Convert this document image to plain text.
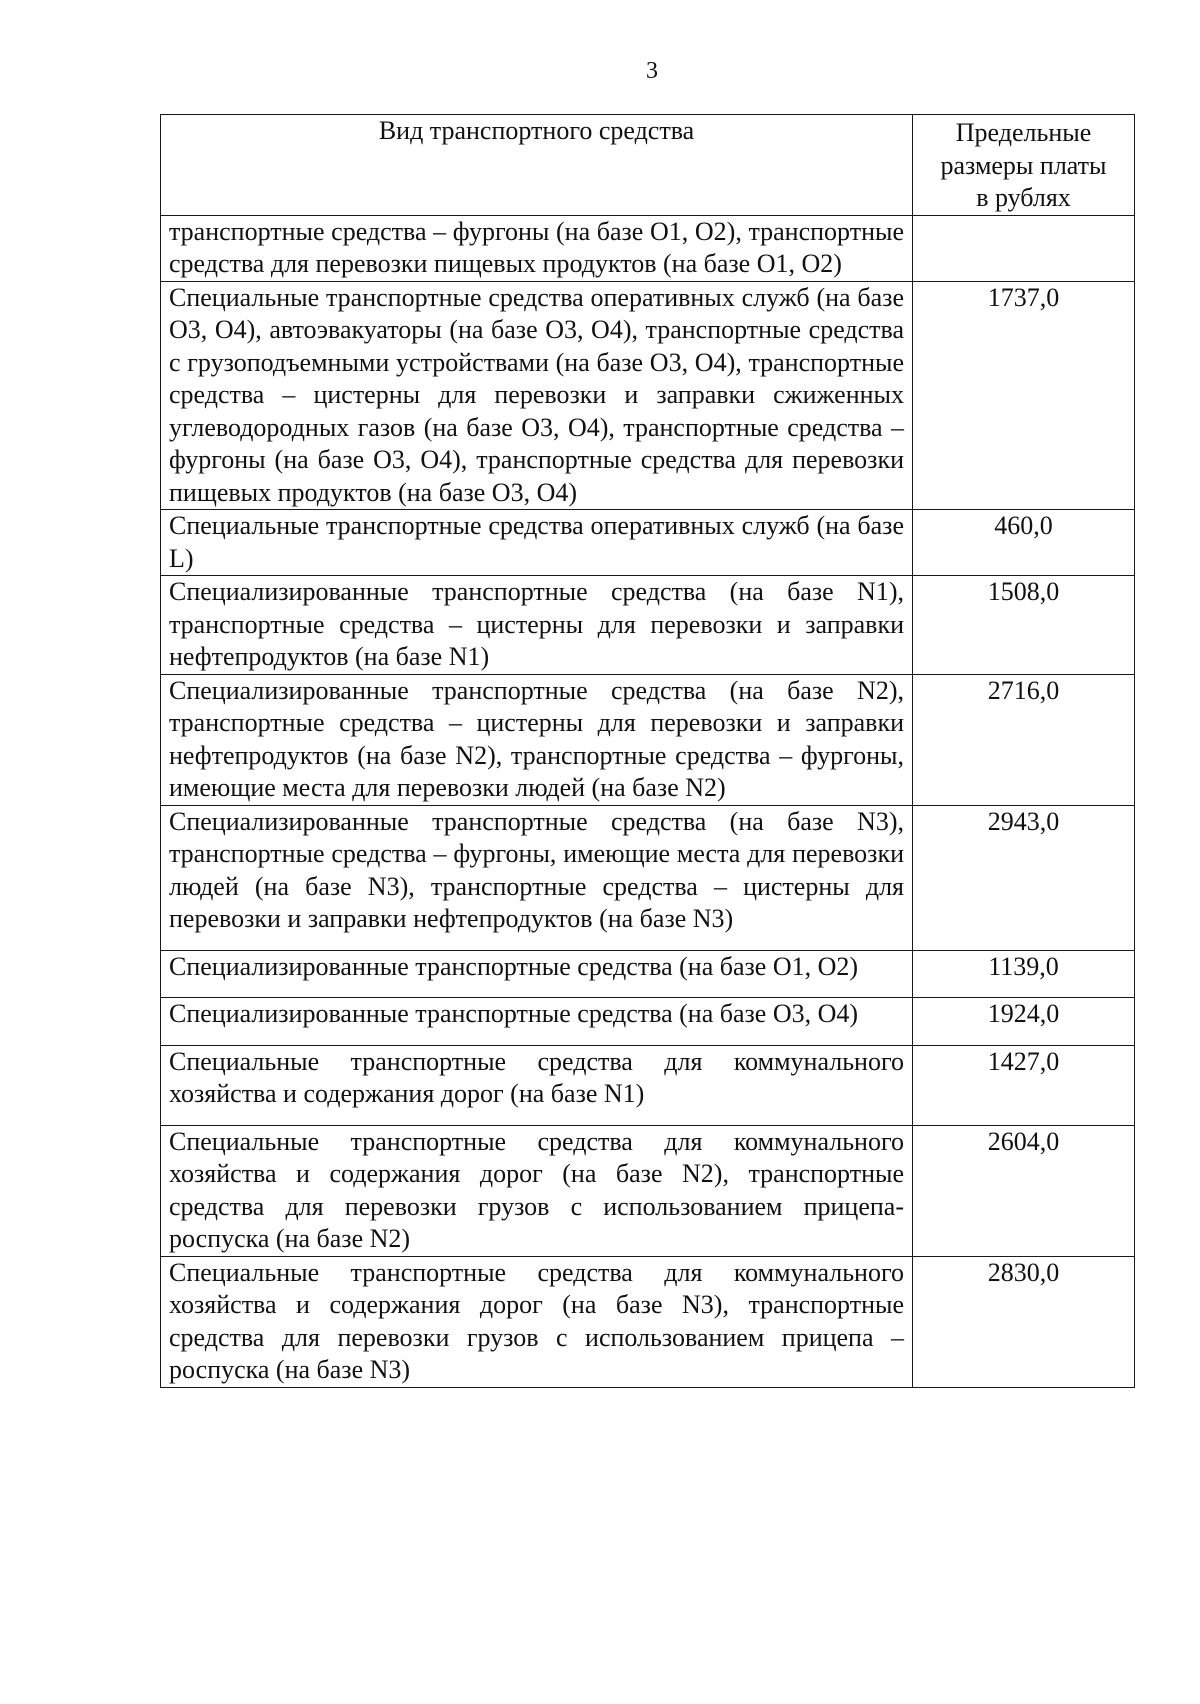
3
Вид транспортного средства	Предельные
размеры платы
в рублях

транспортные средства – фургоны (на базе O1, O2), транспортные средства для перевозки пищевых продуктов (на базе O1, O2)	
Специальные транспортные средства оперативных служб (на базе O3, O4), автоэвакуаторы (на базе O3, O4), транспортные средства с грузоподъемными устройствами (на базе O3, O4), транспортные средства – цистерны для перевозки и заправки сжиженных углеводородных газов (на базе O3, O4), транспортные средства – фургоны (на базе O3, O4), транспортные средства для перевозки пищевых продуктов (на базе O3, O4)	1737,0
Специальные транспортные средства оперативных служб (на базе L)	460,0
Специализированные транспортные средства (на базе N1), транспортные средства – цистерны для перевозки и заправки нефтепродуктов (на базе N1)	1508,0
Специализированные транспортные средства (на базе N2), транспортные средства – цистерны для перевозки и заправки нефтепродуктов (на базе N2), транспортные средства – фургоны, имеющие места для перевозки людей (на базе N2)	2716,0
Специализированные транспортные средства (на базе N3), транспортные средства – фургоны, имеющие места для перевозки людей (на базе N3), транспортные средства – цистерны для перевозки и заправки нефтепродуктов (на базе N3)	2943,0
Специализированные транспортные средства (на базе O1, O2)	1139,0
Специализированные транспортные средства (на базе O3, O4)	1924,0
Специальные транспортные средства для коммунального хозяйства и содержания дорог (на базе N1)	1427,0
Специальные транспортные средства для коммунального хозяйства и содержания дорог (на базе N2), транспортные средства для перевозки грузов с использованием прицепа-роспуска (на базе N2)	2604,0
Специальные транспортные средства для коммунального хозяйства и содержания дорог (на базе N3), транспортные средства для перевозки грузов с использованием прицепа – роспуска (на базе N3)	2830,0
